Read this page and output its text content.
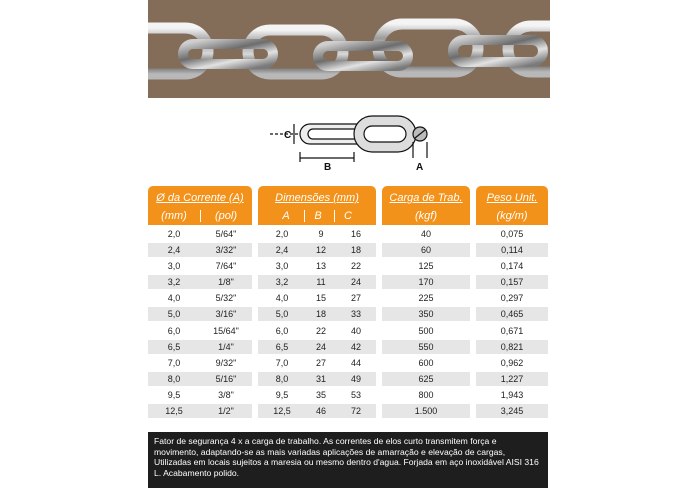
C
B	A
Ø da Corrente (A)
(mm)	(pol)
Dimensões (mm)
A	B	C
Carga de Trab.
(kgf)
Peso Unit.
(kg/m)
2,0	5/64"	2,0	9	16	40	0,075
2,4	3/32"	2,4	12	18	60	0,114
3,0	7/64"	3,0	13	22	125	0,174
3,2	1/8"	3,2	11	24	170	0,157
4,0	5/32"	4,0	15	27	225	0,297
5,0	3/16"	5,0	18	33	350	0,465
6,0	15/64"	6,0	22	40	500	0,671
6,5	1/4"	6,5	24	42	550	0,821
7,0	9/32"	7,0	27	44	600	0,962
8,0	5/16"	8,0	31	49	625	1,227
9,5	3/8"	9,5	35	53	800	1,943
12,5	1/2"	12,5	46	72	1.500	3,245
Fator de segurança 4 x a carga de trabalho. As correntes de elos curto transmitem força e movimento, adaptando-se as mais variadas aplicações de amarração e elevação de cargas, Utilizadas em locais sujeitos a maresia ou mesmo dentro d'agua. Forjada em aço inoxidável AISI 316 L. Acabamento polido.
